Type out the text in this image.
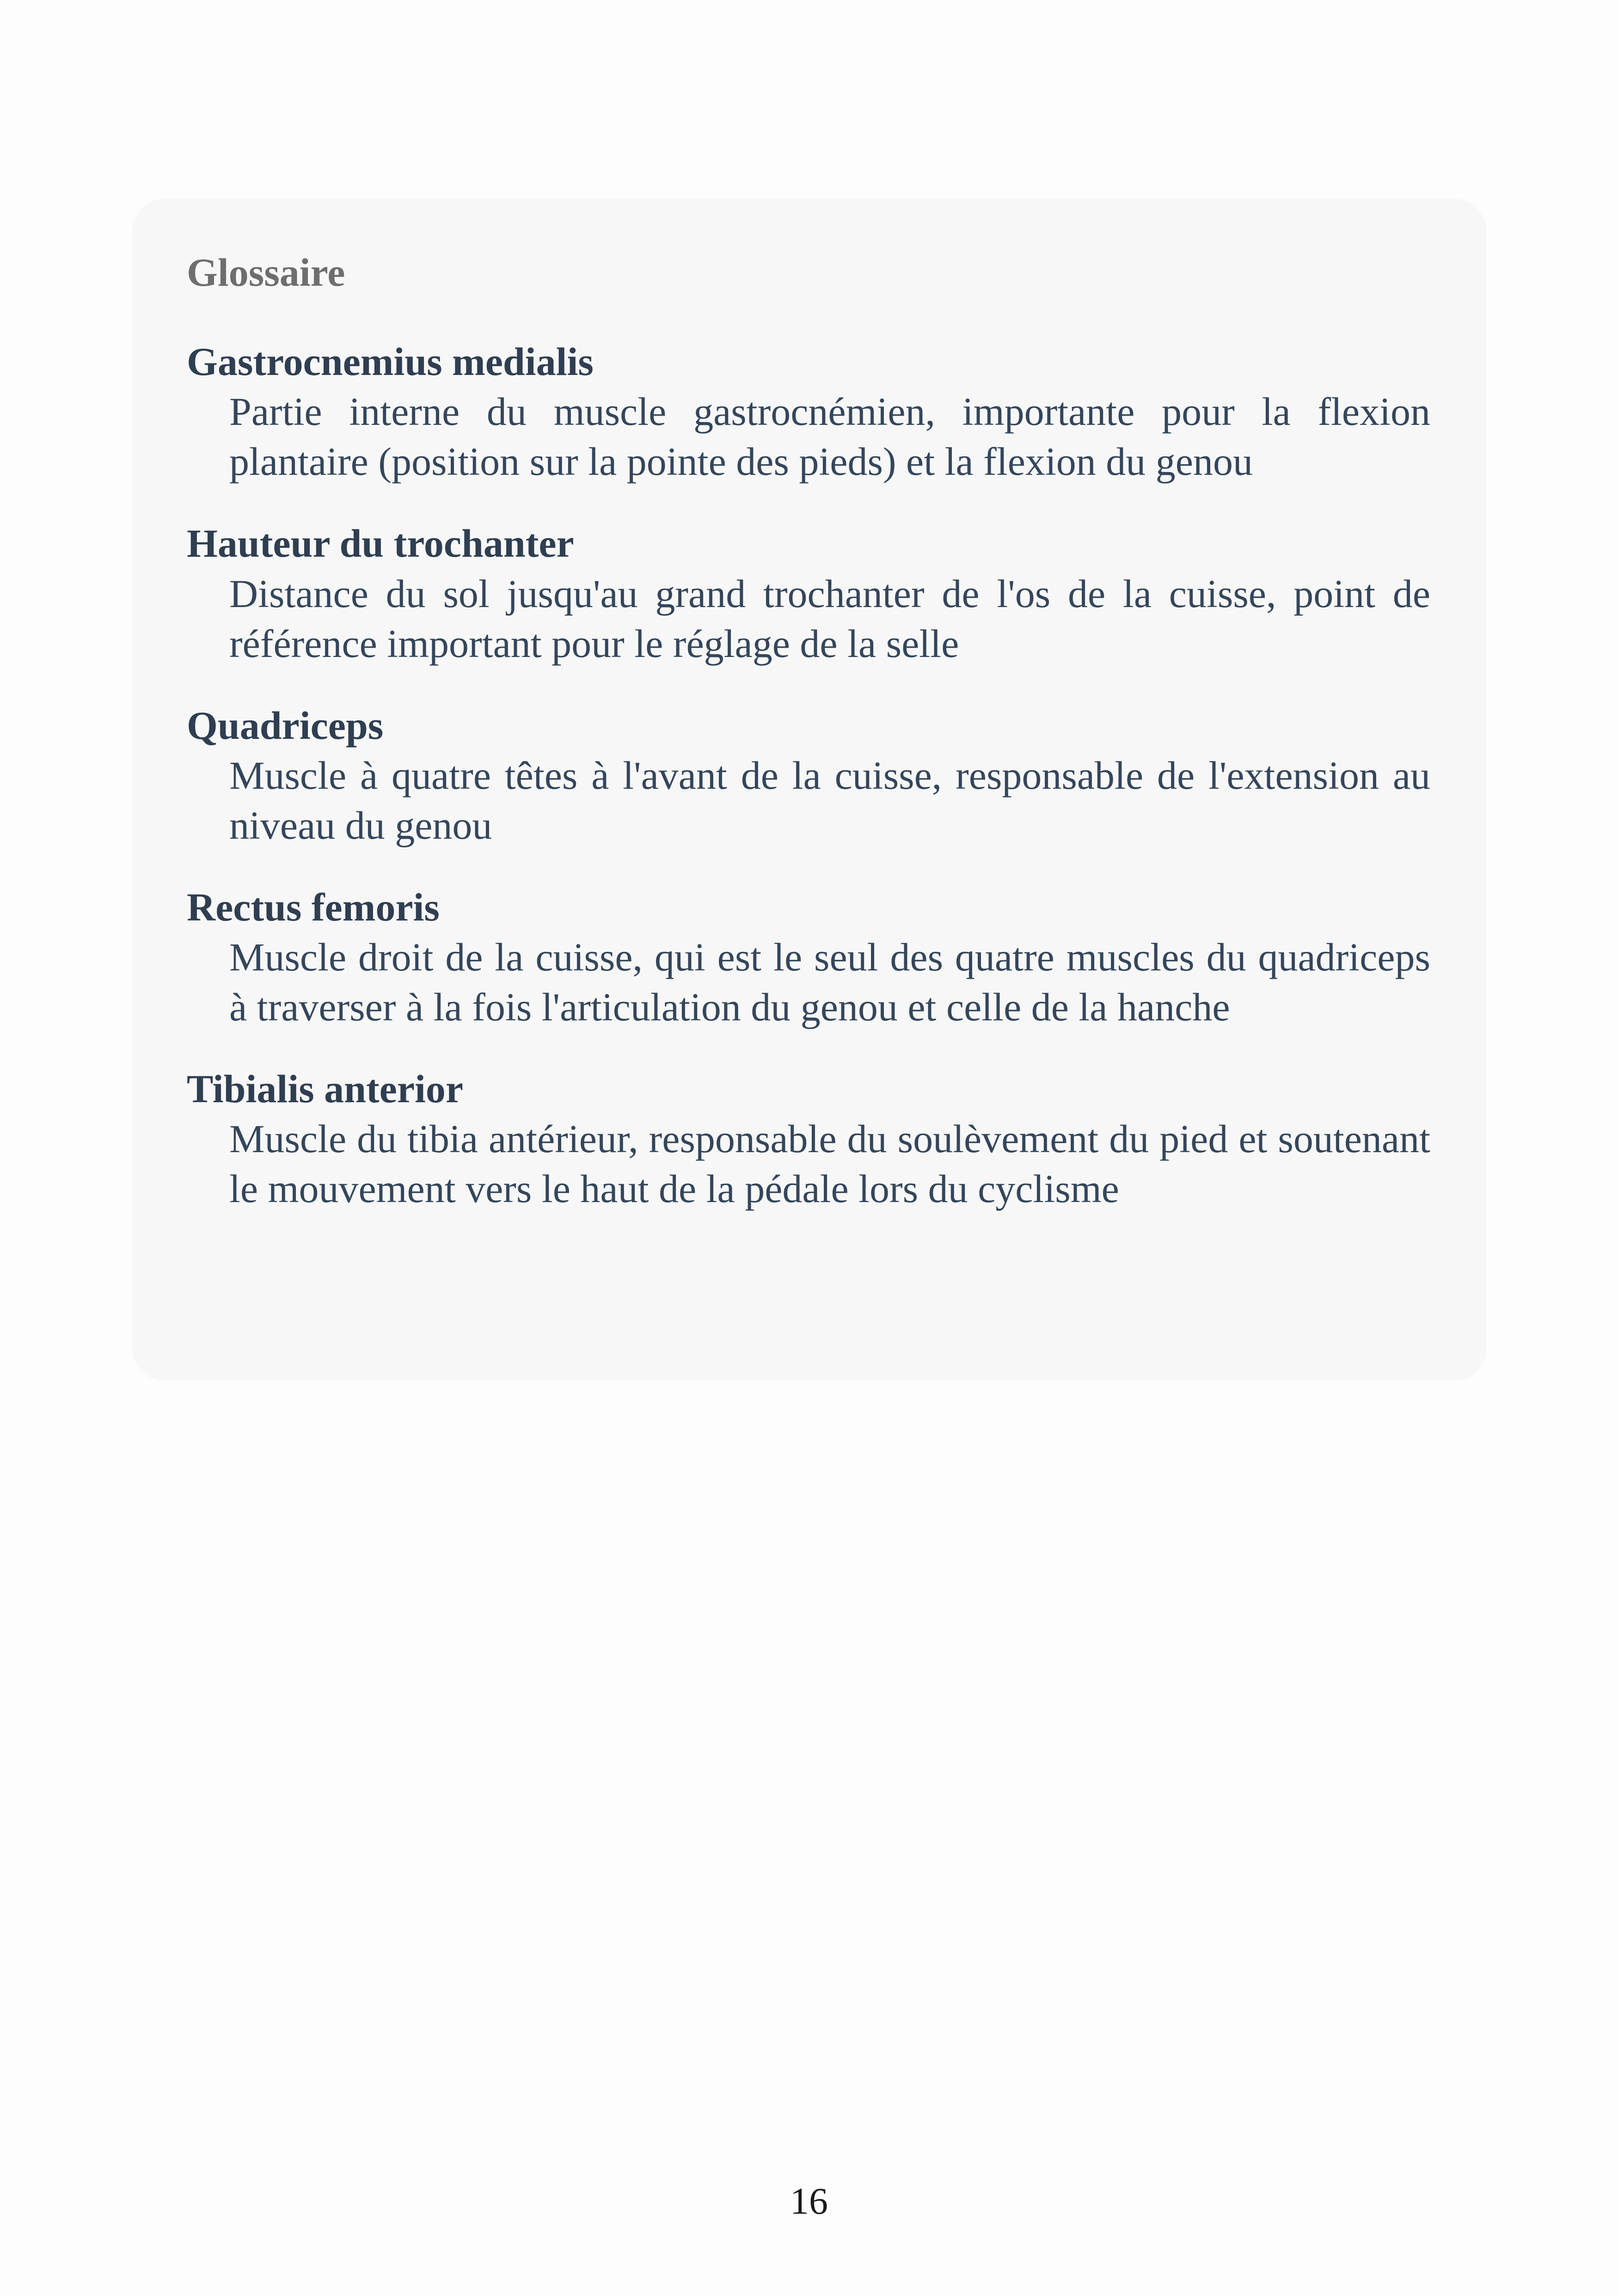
Glossaire
Gastrocnemius medialis
Partie interne du muscle gastrocnémien, importante pour la flexion plantaire (position sur la pointe des pieds) et la flexion du genou
Hauteur du trochanter
Distance du sol jusqu'au grand trochanter de l'os de la cuisse, point de référence important pour le réglage de la selle
Quadriceps
Muscle à quatre têtes à l'avant de la cuisse, responsable de l'extension au niveau du genou
Rectus femoris
Muscle droit de la cuisse, qui est le seul des quatre muscles du quadriceps à traverser à la fois l'articulation du genou et celle de la hanche
Tibialis anterior
Muscle du tibia antérieur, responsable du soulèvement du pied et soutenant le mouvement vers le haut de la pédale lors du cyclisme
16
